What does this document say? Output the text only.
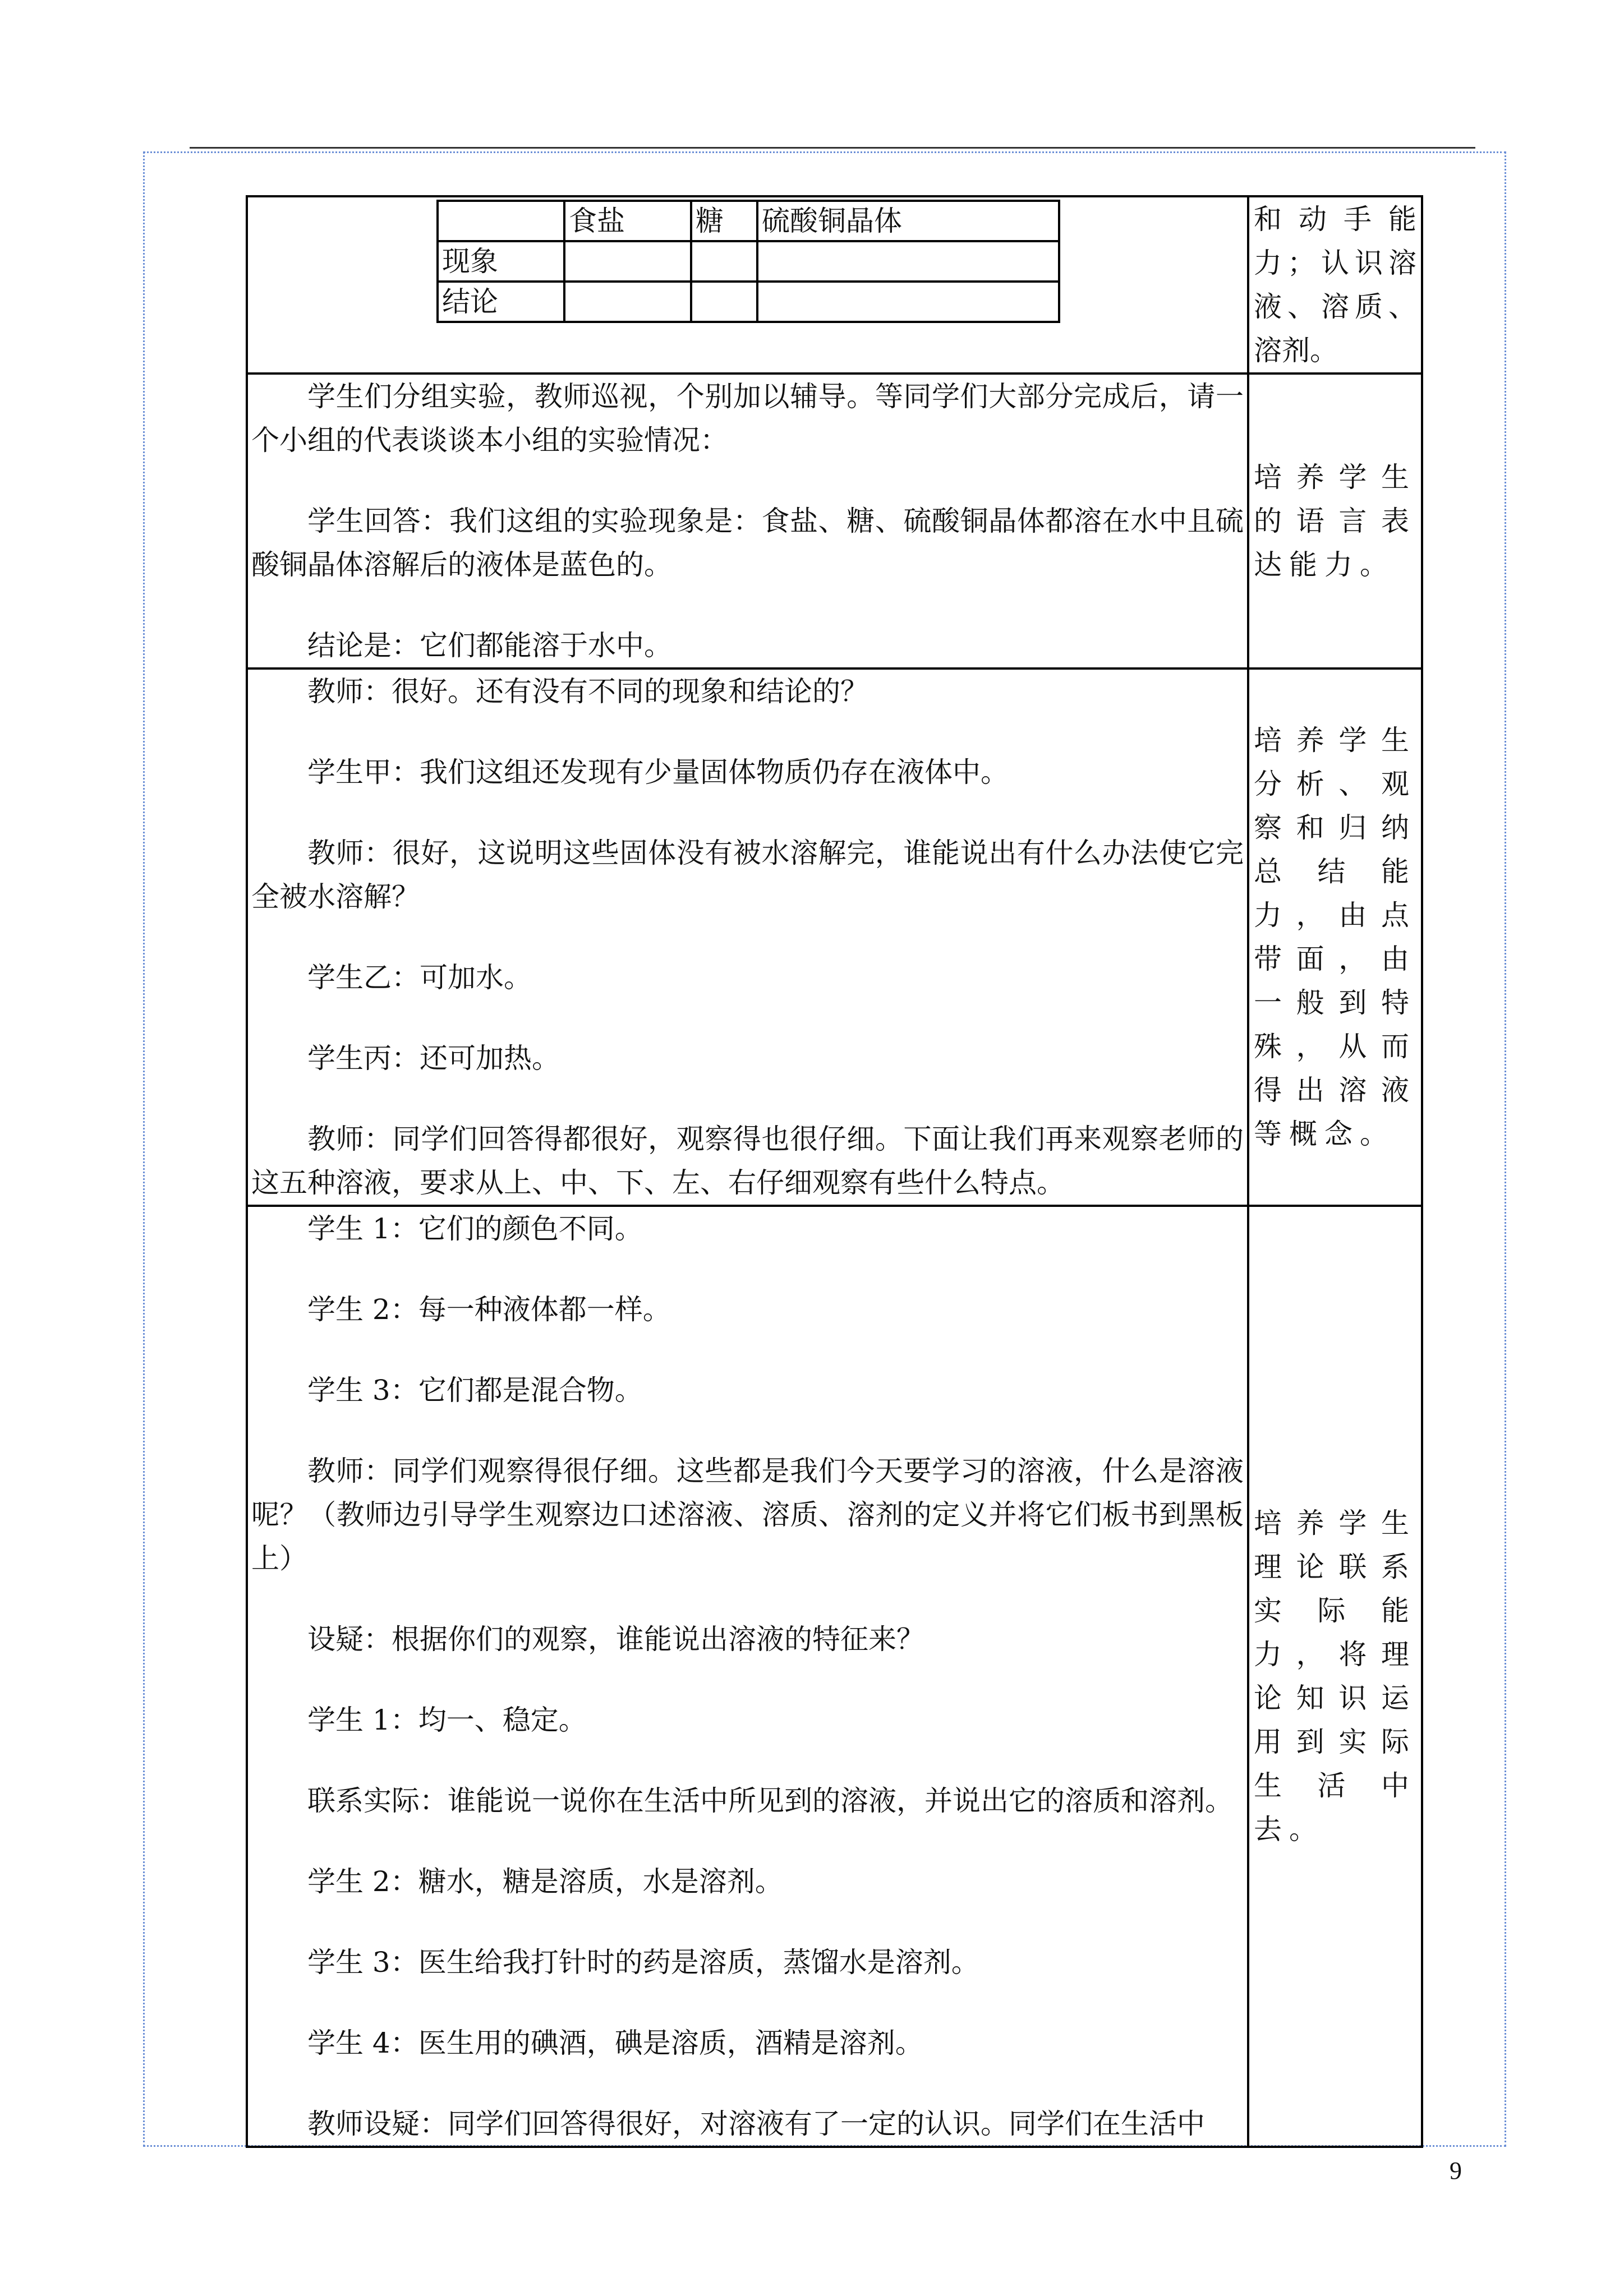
	食盐	糖	硫酸铜晶体
现象			
结论			

和动手能力；认识溶液、溶质、溶剂。

学生们分组实验，教师巡视，个别加以辅导。等同学们大部分完成后，请一个小组的代表谈谈本小组的实验情况：

学生回答：我们这组的实验现象是：食盐、糖、硫酸铜晶体都溶在水中且硫酸铜晶体溶解后的液体是蓝色的。

结论是：它们都能溶于水中。

培养学生的语言表达能力。

教师：很好。还有没有不同的现象和结论的？

学生甲：我们这组还发现有少量固体物质仍存在液体中。

教师：很好，这说明这些固体没有被水溶解完，谁能说出有什么办法使它完全被水溶解？

学生乙：可加水。

学生丙：还可加热。

教师：同学们回答得都很好，观察得也很仔细。下面让我们再来观察老师的这五种溶液，要求从上、中、下、左、右仔细观察有些什么特点。

培养学生分析、观察和归纳总结能力，由点带面，由一般到特殊，从而得出溶液等概念。

学生 1：它们的颜色不同。

学生 2：每一种液体都一样。

学生 3：它们都是混合物。

教师：同学们观察得很仔细。这些都是我们今天要学习的溶液，什么是溶液呢？（教师边引导学生观察边口述溶液、溶质、溶剂的定义并将它们板书到黑板上）

设疑：根据你们的观察，谁能说出溶液的特征来？

学生 1：均一、稳定。

联系实际：谁能说一说你在生活中所见到的溶液，并说出它的溶质和溶剂。

学生 2：糖水，糖是溶质，水是溶剂。

学生 3：医生给我打针时的药是溶质，蒸馏水是溶剂。

学生 4：医生用的碘酒，碘是溶质，酒精是溶剂。

教师设疑：同学们回答得很好，对溶液有了一定的认识。同学们在生活中

培养学生理论联系实际能力，将理论知识运用到实际生活中去。

9
